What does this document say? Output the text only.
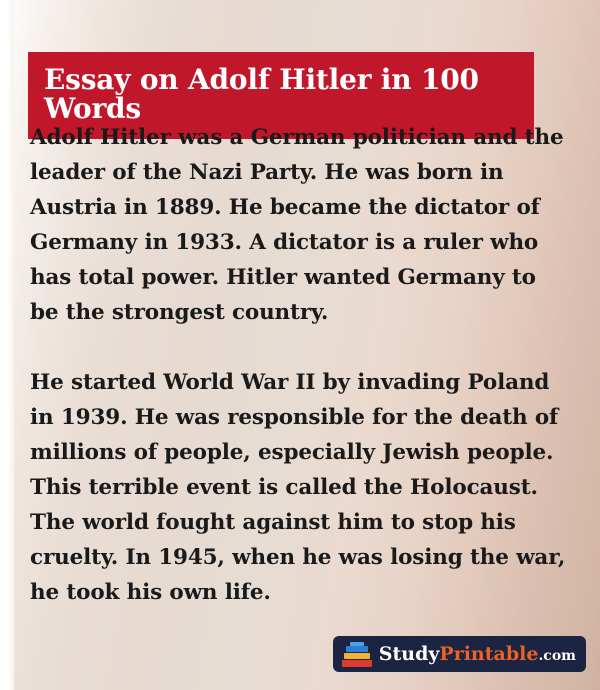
Essay on Adolf Hitler in 100 Words

Adolf Hitler was a German politician and the leader of the Nazi Party. He was born in Austria in 1889. He became the dictator of Germany in 1933. A dictator is a ruler who has total power. Hitler wanted Germany to be the strongest country.

He started World War II by invading Poland in 1939. He was responsible for the death of millions of people, especially Jewish people. This terrible event is called the Holocaust. The world fought against him to stop his cruelty. In 1945, when he was losing the war, he took his own life.

StudyPrintable.com
